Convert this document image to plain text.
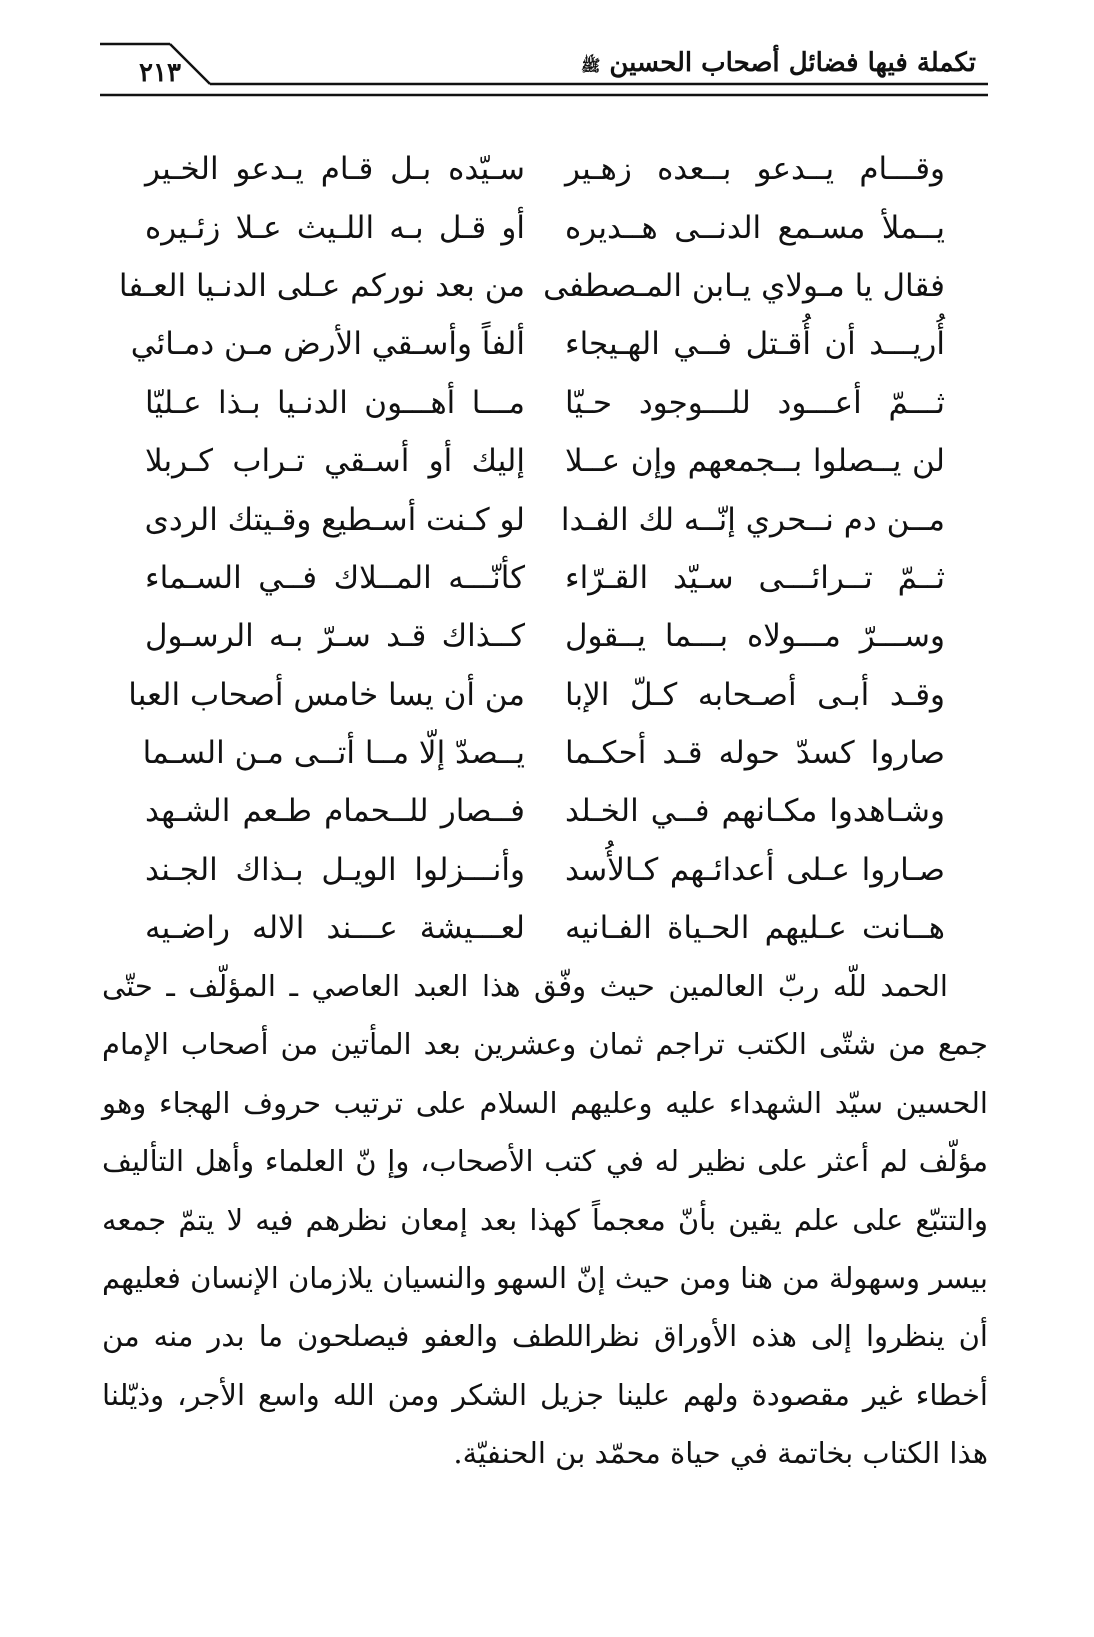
تكملة فيها فضائل أصحاب الحسين ﷺ
٢١٣
وقـــام يــدعو بــعده زهـير
سـيّده بـل قـام يـدعو الخـير
يــملأ مسـمع الدنــى هــديره
أو قـل بـه اللـيث عـلا زئـيره
فقال يا مـولاي يـابن المـصطفى
من بعد نوركم عـلى الدنـيا العـفا
أُريـــد أن أُقـتل فــي الهـيجاء
ألفاً وأسـقي الأرض مـن دمـائي
ثـــمّ أعـــود للـــوجود حـيّا
مـــا أهـــون الدنـيا بـذا عـليّا
لن يــصلوا بــجمعهم وإن عــلا
إليك أو أسـقي تـراب كـربلا
مــن دم نــحري إنّــه لك الفـدا
لو كـنت أسـطيع وقـيتك الردى
ثــمّ تــرائـــى سـيّد القـرّاء
كأنّـــه المــلاك فــي السـماء
وســـرّ مـــولاه بـــما يــقول
كــذاك قـد سـرّ بـه الرسـول
وقـد أبـى أصـحابه كـلّ الإبا
من أن يسا خامس أصحاب العبا
صاروا كسدّ حوله قـد أحكـما
يــصدّ إلّا مــا أتــى مـن السـما
وشـاهدوا مكـانهم فــي الخـلد
فــصار للــحمام طـعم الشـهد
صـاروا عـلى أعدائـهم كـالأُسد
وأنـــزلوا الويـل بـذاك الجـند
هــانت عـليهم الحـياة الفـانيه
لعـــيشة عـــند الاله راضـيه

الحمد للّه ربّ العالمين حيث وفّق هذا العبد العاصي ـ المؤلّف ـ حتّى جمع من شتّى الكتب تراجم ثمان وعشرين بعد المأتين من أصحاب الإمام الحسين سيّد الشهداء عليه وعليهم السلام على ترتيب حروف الهجاء وهو مؤلّف لم أعثر على نظير له في كتب الأصحاب، وإ نّ العلماء وأهل التأليف والتتبّع على علم يقين بأنّ معجماً كهذا بعد إمعان نظرهم فيه لا يتمّ جمعه بيسر وسهولة من هنا ومن حيث إنّ السهو والنسيان يلازمان الإنسان فعليهم أن ينظروا إلى هذه الأوراق نظراللطف والعفو فيصلحون ما بدر منه من أخطاء غير مقصودة ولهم علينا جزيل الشكر ومن الله واسع الأجر، وذيّلنا هذا الكتاب بخاتمة في حياة محمّد بن الحنفيّة.
